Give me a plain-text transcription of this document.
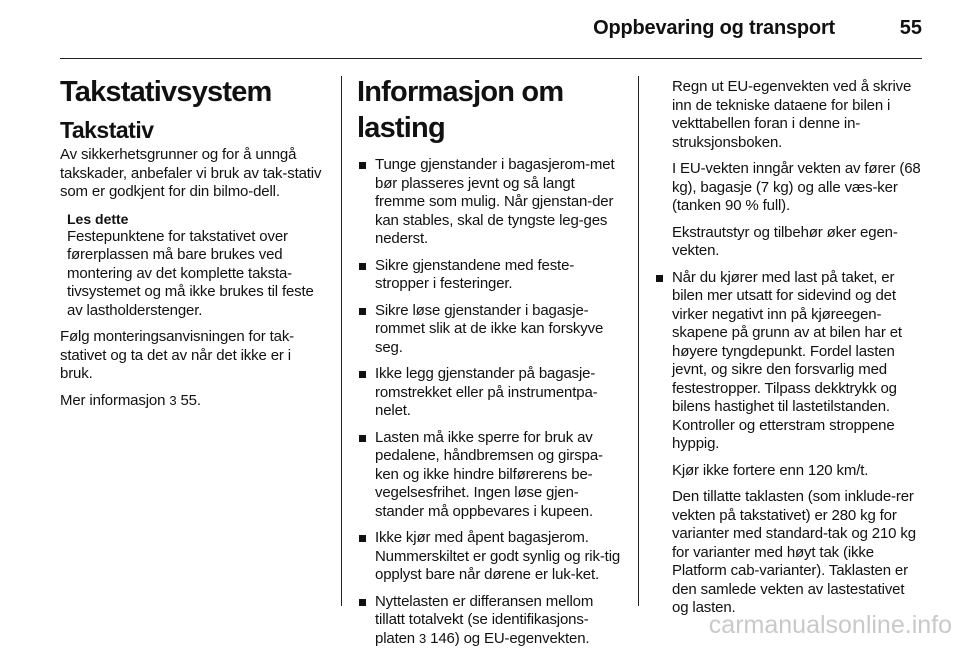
Oppbevaring og transport	55
Takstativsystem
Takstativ

Av sikkerhetsgrunner og for å unngå takskader, anbefaler vi bruk av tak-stativ som er godkjent for din bilmo-dell.

Les dette
Festepunktene for takstativet over førerplassen må bare brukes ved montering av det komplette taksta-tivsystemet og må ikke brukes til feste av lastholderstenger.

Følg monteringsanvisningen for tak-stativet og ta det av når det ikke er i bruk.

Mer informasjon 3 55.

Informasjon om lasting
Tunge gjenstander i bagasjerom-met bør plasseres jevnt og så langt fremme som mulig. Når gjenstan-der kan stables, skal de tyngste leg-ges nederst.
Sikre gjenstandene med feste-stropper i festeringer.
Sikre løse gjenstander i bagasje-rommet slik at de ikke kan forskyve seg.
Ikke legg gjenstander på bagasje-romstrekket eller på instrumentpa-nelet.
Lasten må ikke sperre for bruk av pedalene, håndbremsen og girspa-ken og ikke hindre bilførerens be-vegelsesfrihet. Ingen løse gjen-stander må oppbevares i kupeen.
Ikke kjør med åpent bagasjerom. Nummerskiltet er godt synlig og rik-tig opplyst bare når dørene er luk-ket.
Nyttelasten er differansen mellom tillatt totalvekt (se identifikasjons-platen 3 146) og EU-egenvekten.

Regn ut EU-egenvekten ved å skrive inn de tekniske dataene for bilen i vekttabellen foran i denne in-struksjonsboken.

I EU-vekten inngår vekten av fører (68 kg), bagasje (7 kg) og alle væs-ker (tanken 90 % full).

Ekstrautstyr og tilbehør øker egen-vekten.

Når du kjører med last på taket, er bilen mer utsatt for sidevind og det virker negativt inn på kjøreegen-skapene på grunn av at bilen har et høyere tyngdepunkt. Fordel lasten jevnt, og sikre den forsvarlig med festestropper. Tilpass dekktrykk og bilens hastighet til lastetilstanden. Kontroller og etterstram stroppene hyppig.

Kjør ikke fortere enn 120 km/t.

Den tillatte taklasten (som inklude-rer vekten på takstativet) er 280 kg for varianter med standard-tak og 210 kg for varianter med høyt tak (ikke Platform cab-varianter). Taklasten er den samlede vekten av lastestativet og lasten.

carmanualsonline.info
